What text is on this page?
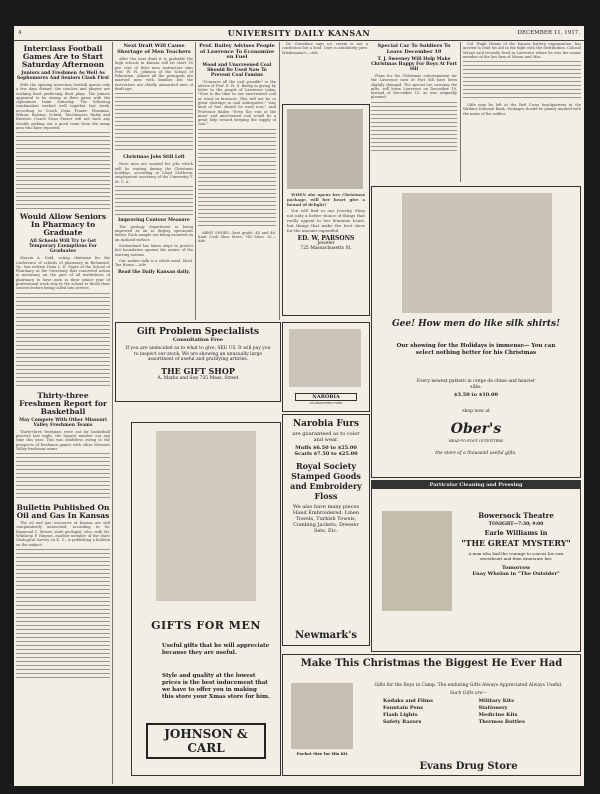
4	UNIVERSITY DAILY KANSAN	DECEMBER 11, 1917.
Interclass Football Games Are to Start Saturday Afternoon
Juniors and Freshmen As Well As Sophomores And Seniors Clash First

With the opening interclass football games only a few days distant, the coaches and players are working hard perfecting their plays. The juniors appeared to be strong in their game with the sophomore team Saturday. The following combination worked well together last week, according to Coach Dean Frazer: Wineman, Wilson, Ralston, Scheid, Tischhauser, Haley and Barstow. Coach Dean Frazer will not have any trouble picking out a good team from the many men who have reported.

Would Allow Seniors In Pharmacy to Graduate
All Schools Will Try to Get Temporary Exemptions For Graduates

Marvin A. Nold, acting chairman for the conference of schools of pharmacy at Richmond, Va., has written Dean L. E. Sayre of the School of Pharmacy at the University that concerted action is necessary on the part of all institutions of pharmacy to have men in their senior year of professional work stay in the school to finish their courses before being called into service.

Thirty-three Freshmen Report for Basketball
May Compete With Other Missouri Valley Freshmen Teams

Thirty-three freshmen were out for basketball practice last night, the largest number out any time this year. This was doubtless owing to the prospects of freshmen games with other Missouri Valley freshman teams.

Bulletin Published On Oil and Gas In Kansas

The oil and gas resources of Kansas are still comparatively untouched, according to Dr. Raymond C. Moore, state geologist, who, with Mr. Winthrop P. Haynes, another member of the State Geological Survey on K. U., is publishing a bulletin on the subject.

Next Draft Will Cause Shortage of Men Teachers

After the next draft it is probable the high schools in Kansas will be short 50 per cent of their men instructors says Prof. W. H. Johnson of the School of Education. Almost all the principals are married men with families but the instructors are chiefly unmarried men of draft age.

Christmas Jobs Still Left

More men are wanted for jobs which will be waiting during the Christmas holidays, according to Lloyd McHenry, employment secretary of the University Y. M. C. A.

Improving Contour Measure

The geology department is being improved as an to display specimens better. Each sample are being mounted on an inclined surface.

Switzerland has taken steps to protect her boundaries against the armies of the warring nations.

Our walnut milk is a whole meal. Ideal. Tea House.—Adv.

Read the Daily Kansan daily.
Prof. Bailey Advises People of Lawrence To Economize on Fuel
Wood and Unscreened Coal Should Be Used Now To Prevent Coal Famine

"Conserve all the coal possible" is the advice of Prof. E. H. S. Bailey in giving by letter to the people of Lawrence today. "Now is the time to use unscreened coal or wood in furnaces. This will not be so great shortage in coal anticipated." "Any kind of fuel should be used now," said Professor Bailey. "Even the 'run of the mine' and unscreened coal would be a great help toward keeping the supply of coal."

ARMY SHOES—best grade, $5 and $6. Kant Cook Shoe Store, 745 Mass. St.—Adv.

Dr. Crumbine says ice cream is not a confection but a food. Ours is absolutely pure. Wiedemann's.—Adv.

WHEN she opens her Christmas package, will her heart give a bound of delight?

You will find in our Jewelry Shop not only a better choice of things that really appeal to her feminine heart, but things that make the best show for the amount expended.

ED. W. PARSONS
Jeweler
725 Massachusetts St.
Special Car To Soldiers To Leave December 19
T. J. Sweeney Will Help Make Christmas Happy For Boys At Fort Sill

Plans for the Christmas entertainment for the Lawrence men at Fort Sill have been slightly changed. The special car, carrying the gifts, will leave Lawrence on December 19, instead of December 15, as was originally planned.

Col. Hugh Means of the Kansas battery organization, has arrived to lend his aid in the fight with the distribution. Colonel Means said recently lived in Lawrence where he was the senior member of the law firm of Means and Mac.

Gifts may be left at the Red Cross headquarters in the Watkins National Bank. Packages should be plainly marked with the name of the soldier.

Gee! How men do like silk shirts!
Our showing for the Holidays is immense— You can select nothing better for his Christmas
Every newest pattern in crepe de chine and heavier silks.
$3.50 to $10.00
shop now at
Ober's
HEAD-TO-FOOT OUTFITTERS
the store of a thousand useful gifts.
Gift Problem Specialists
Consultation Free
If you are undecided as to what to give, SEE US. It will pay you to inspect our stock. We are showing an unusually large assortment of useful and gratifying articles.
THE GIFT SHOP
A. Marks and Son 735 Mass. Street
NAROBIA
GUARANTEED FURS
Narobia Furs
are guaranteed as to color and wear.
Muffs $6.50 to $25.00
Scarfs $7.50 to $25.00
Royal Society Stamped Goods and Embroidery Floss
We also have many pieces Hand Embroidered. Linen Towels, Turkish Towels, Combing Jackets, Dresser Sets, Etc.
Newmark's
GIFTS FOR MEN
Useful gifts that he will appreciate because they are useful.
Style and quality at the lowest prices is the best inducement that we have to offer you in making this store your Xmas store for him.
JOHNSON & CARL
Particular Cleaning and Pressing
Bowersock Theatre
TONIGHT—7:30; 9:00
Earle Williams in
"THE GREAT MYSTERY"
A man who had the courage to convict his own sweetheart and then exonerate her.
Tomorrow
Enay Whelan in "The Outsider"
Make This Christmas the Biggest He Ever Had
Pocket Size for His Kit
Gifts for the Boys in Camp. The enduring Gifts Always Appreciated Always Useful.
Such Gifts are—
Kodaks and Films	Military Kits
Fountain Pens	Stationery
Flash Lights	Medicine Kits
Safety Razors	Thermos Bottles
Evans Drug Store
